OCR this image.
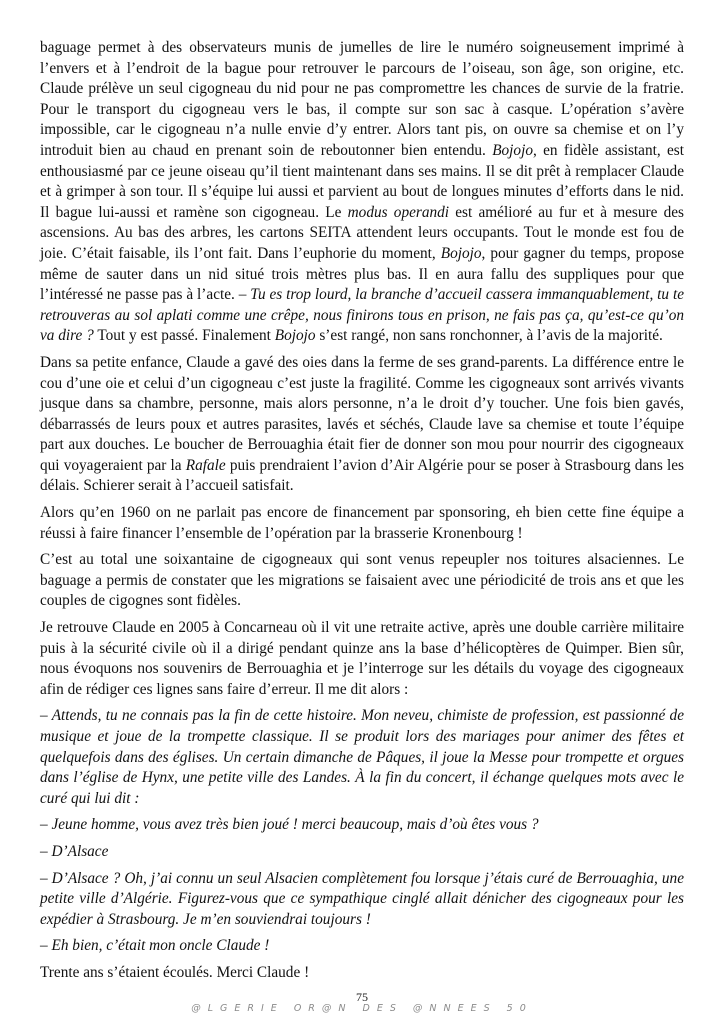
baguage permet à des observateurs munis de jumelles de lire le numéro soigneusement imprimé à l’envers et à l’endroit de la bague pour retrouver le parcours de l’oiseau, son âge, son origine, etc. Claude prélève un seul cigogneau du nid pour ne pas compromettre les chances de survie de la fratrie. Pour le transport du cigogneau vers le bas, il compte sur son sac à casque. L’opération s’avère impossible, car le cigogneau n’a nulle envie d’y entrer. Alors tant pis, on ouvre sa chemise et on l’y introduit bien au chaud en prenant soin de reboutonner bien entendu. Bojojo, en fidèle assistant, est enthousiasmé par ce jeune oiseau qu’il tient maintenant dans ses mains. Il se dit prêt à remplacer Claude et à grimper à son tour. Il s’équipe lui aussi et parvient au bout de longues minutes d’efforts dans le nid. Il bague lui-aussi et ramène son cigogneau. Le modus operandi est amélioré au fur et à mesure des ascensions. Au bas des arbres, les cartons SEITA attendent leurs occupants. Tout le monde est fou de joie. C’était faisable, ils l’ont fait. Dans l’euphorie du moment, Bojojo, pour gagner du temps, propose même de sauter dans un nid situé trois mètres plus bas. Il en aura fallu des suppliques pour que l’intéressé ne passe pas à l’acte. – Tu es trop lourd, la branche d’accueil cassera immanquablement, tu te retrouveras au sol aplati comme une crêpe, nous finirons tous en prison, ne fais pas ça, qu’est-ce qu’on va dire ? Tout y est passé. Finalement Bojojo s’est rangé, non sans ronchonner, à l’avis de la majorité.

Dans sa petite enfance, Claude a gavé des oies dans la ferme de ses grand-parents. La différence entre le cou d’une oie et celui d’un cigogneau c’est juste la fragilité. Comme les cigogneaux sont arrivés vivants jusque dans sa chambre, personne, mais alors personne, n’a le droit d’y toucher. Une fois bien gavés, débarrassés de leurs poux et autres parasites, lavés et séchés, Claude lave sa chemise et toute l’équipe part aux douches. Le boucher de Berrouaghia était fier de donner son mou pour nourrir des cigogneaux qui voyageraient par la Rafale puis prendraient l’avion d’Air Algérie pour se poser à Strasbourg dans les délais. Schierer serait à l’accueil satisfait.

Alors qu’en 1960 on ne parlait pas encore de financement par sponsoring, eh bien cette fine équipe a réussi à faire financer l’ensemble de l’opération par la brasserie Kronenbourg !

C’est au total une soixantaine de cigogneaux qui sont venus repeupler nos toitures alsaciennes. Le baguage a permis de constater que les migrations se faisaient avec une périodicité de trois ans et que les couples de cigognes sont fidèles.

Je retrouve Claude en 2005 à Concarneau où il vit une retraite active, après une double carrière militaire puis à la sécurité civile où il a dirigé pendant quinze ans la base d’hélicoptères de Quimper. Bien sûr, nous évoquons nos souvenirs de Berrouaghia et je l’interroge sur les détails du voyage des cigogneaux afin de rédiger ces lignes sans faire d’erreur. Il me dit alors :

– Attends, tu ne connais pas la fin de cette histoire. Mon neveu, chimiste de profession, est passionné de musique et joue de la trompette classique. Il se produit lors des mariages pour animer des fêtes et quelquefois dans des églises. Un certain dimanche de Pâques, il joue la Messe pour trompette et orgues dans l’église de Hynx, une petite ville des Landes. À la fin du concert, il échange quelques mots avec le curé qui lui dit :

– Jeune homme, vous avez très bien joué ! merci beaucoup, mais d’où êtes vous ?

– D’Alsace

– D’Alsace ? Oh, j’ai connu un seul Alsacien complètement fou lorsque j’étais curé de Berrouaghia, une petite ville d’Algérie. Figurez-vous que ce sympathique cinglé allait dénicher des cigogneaux pour les expédier à Strasbourg. Je m’en souviendrai toujours !

– Eh bien, c’était mon oncle Claude !

Trente ans s’étaient écoulés. Merci Claude !

75
@LGERIE OR@N DES @NNEES 50
